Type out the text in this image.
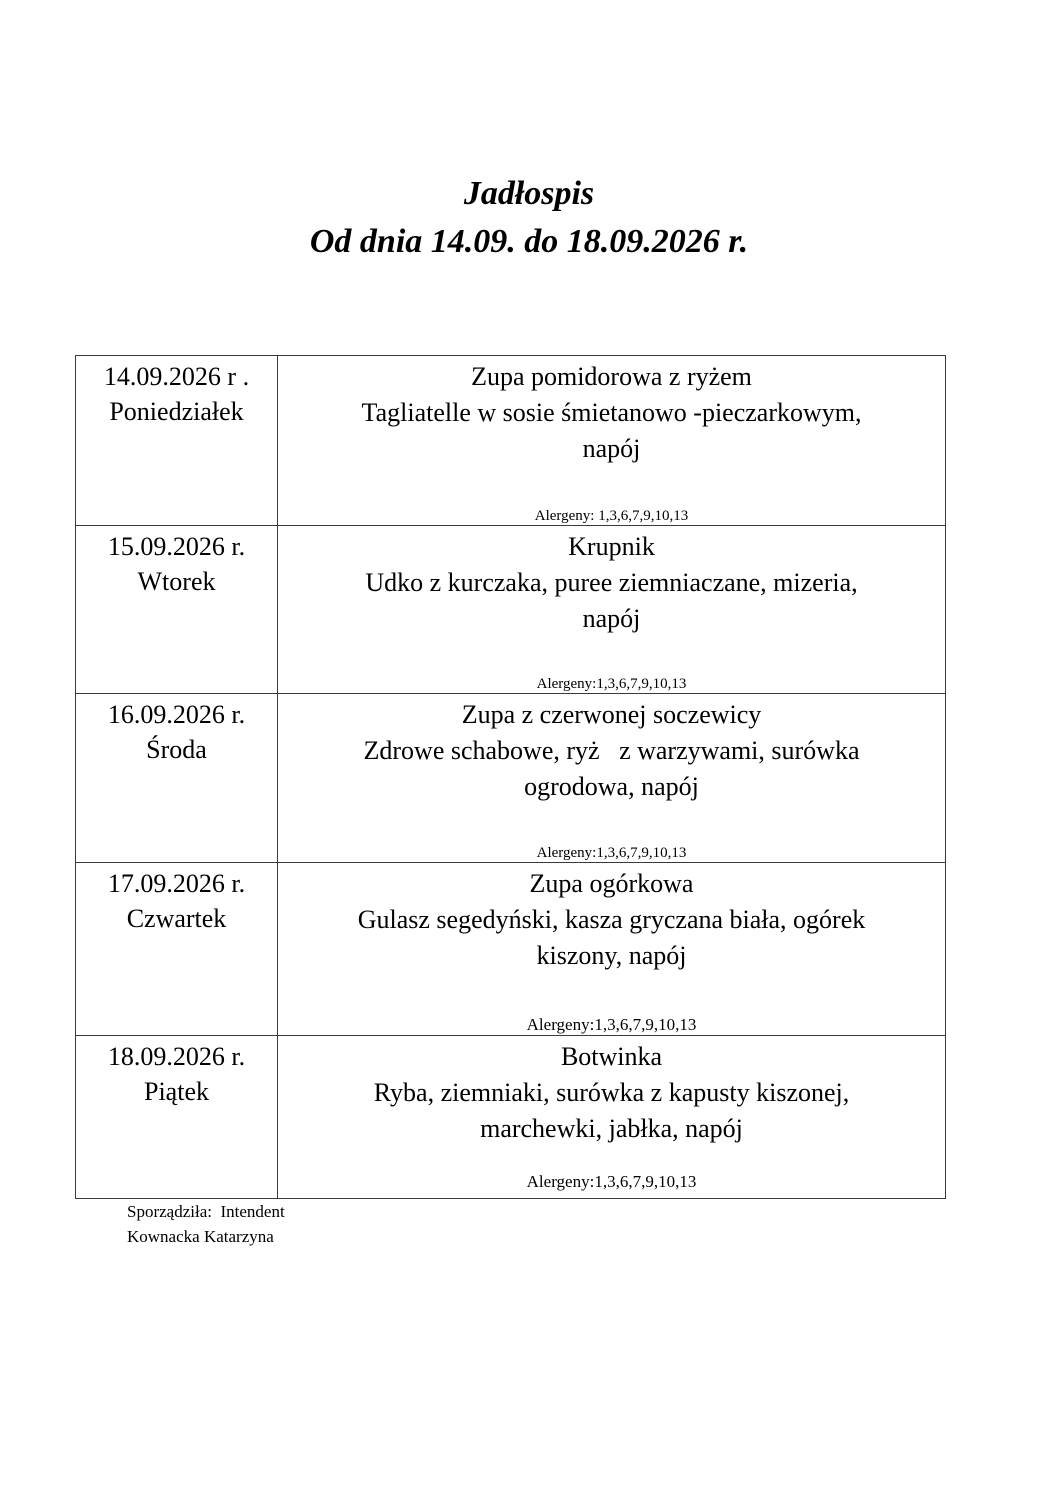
Jadłospis
Od dnia 14.09. do 18.09.2026 r.
14.09.2026 r .
Poniedziałek	Zupa pomidorowa z ryżem
Tagliatelle w sosie śmietanowo -pieczarkowym,
napój
Alergeny: 1,3,6,7,9,10,13

15.09.2026 r.
Wtorek	Krupnik
Udko z kurczaka, puree ziemniaczane, mizeria,
napój
Alergeny:1,3,6,7,9,10,13

16.09.2026 r.
Środa	Zupa z czerwonej soczewicy
Zdrowe schabowe, ryż   z warzywami, surówka
ogrodowa, napój
Alergeny:1,3,6,7,9,10,13

17.09.2026 r.
Czwartek	Zupa ogórkowa
Gulasz segedyński, kasza gryczana biała, ogórek
kiszony, napój
Alergeny:1,3,6,7,9,10,13

18.09.2026 r.
Piątek	Botwinka
Ryba, ziemniaki, surówka z kapusty kiszonej,
marchewki, jabłka, napój
Alergeny:1,3,6,7,9,10,13
Sporządziła:  Intendent
Kownacka Katarzyna
